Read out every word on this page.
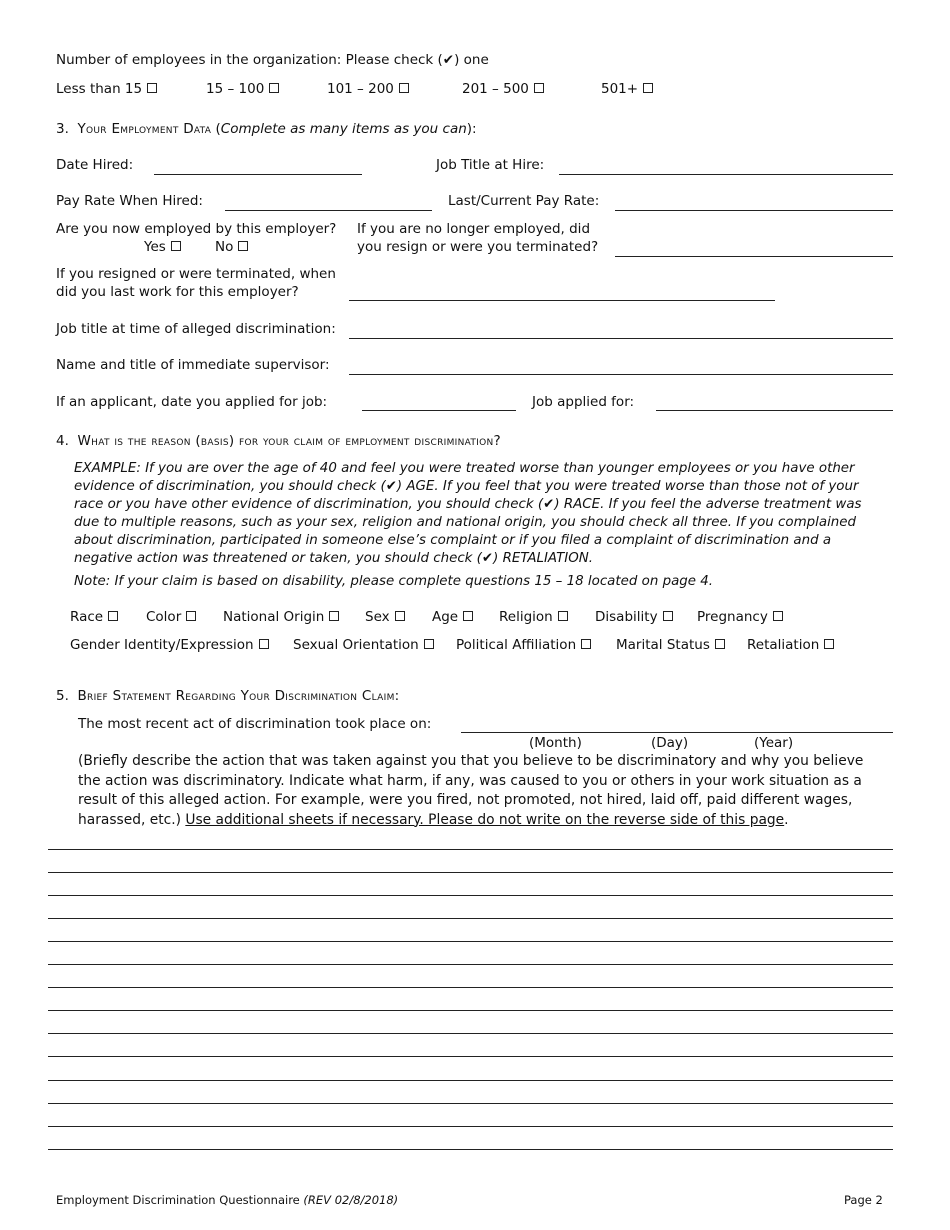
Number of employees in the organization: Please check (✔) one
Less than 15	15 – 100	101 – 200	201 – 500	501+
3. Your Employment Data (Complete as many items as you can):
Date Hired:	Job Title at Hire:
Pay Rate When Hired:	Last/Current Pay Rate:
Are you now employed by this employer?
Yes	No
If you are no longer employed, did
you resign or were you terminated?
If you resigned or were terminated, when
did you last work for this employer?
Job title at time of alleged discrimination:
Name and title of immediate supervisor:
If an applicant, date you applied for job:	Job applied for:
4. What is the reason (basis) for your claim of employment discrimination?
EXAMPLE: If you are over the age of 40 and feel you were treated worse than younger employees or you have other evidence of discrimination, you should check (✔) AGE. If you feel that you were treated worse than those not of your race or you have other evidence of discrimination, you should check (✔) RACE. If you feel the adverse treatment was due to multiple reasons, such as your sex, religion and national origin, you should check all three. If you complained about discrimination, participated in someone else’s complaint or if you filed a complaint of discrimination and a negative action was threatened or taken, you should check (✔) RETALIATION.
Note: If your claim is based on disability, please complete questions 15 – 18 located on page 4.
Race	Color	National Origin	Sex	Age	Religion	Disability	Pregnancy
Gender Identity/Expression	Sexual Orientation	Political Affiliation	Marital Status	Retaliation
5. Brief Statement Regarding Your Discrimination Claim:
The most recent act of discrimination took place on:
(Month)	(Day)	(Year)
(Briefly describe the action that was taken against you that you believe to be discriminatory and why you believe the action was discriminatory. Indicate what harm, if any, was caused to you or others in your work situation as a result of this alleged action. For example, were you fired, not promoted, not hired, laid off, paid different wages, harassed, etc.) Use additional sheets if necessary. Please do not write on the reverse side of this page.
Employment Discrimination Questionnaire (REV 02/8/2018)	Page 2
